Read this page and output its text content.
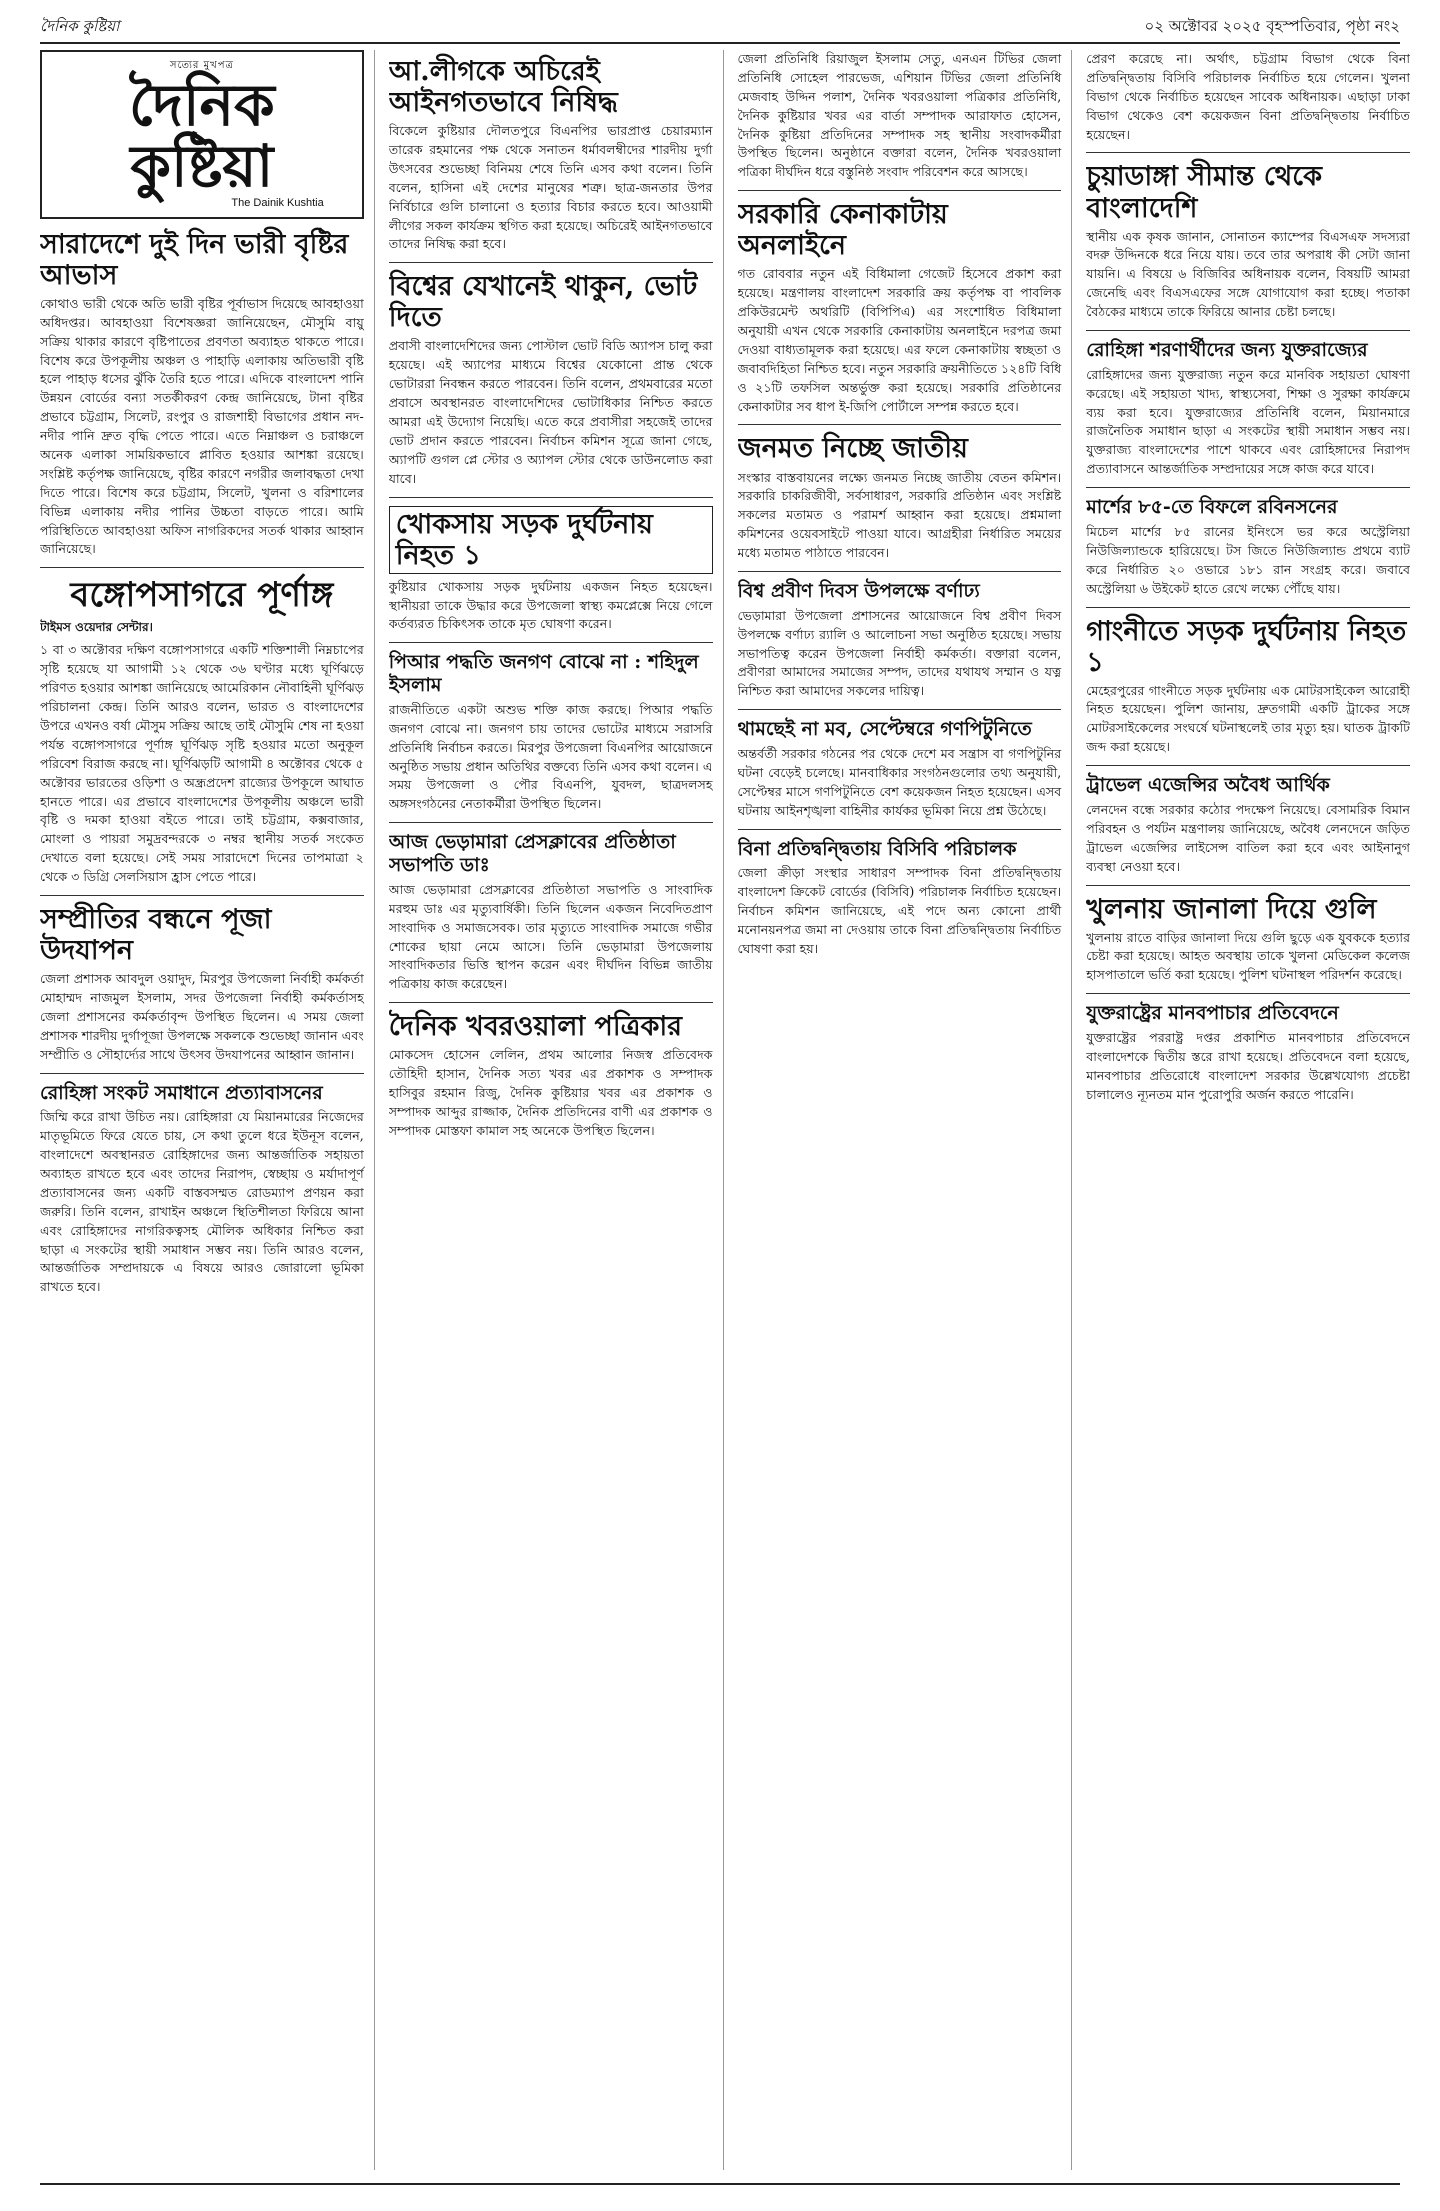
দৈনিক কুষ্টিয়া	০২ অক্টোবর ২০২৫ বৃহস্পতিবার, পৃষ্ঠা নং২
সত্যের মুখপত্র
দৈনিক কুষ্টিয়া
The Dainik Kushtia
সারাদেশে দুই দিন ভারী বৃষ্টির আভাস

কোথাও ভারী থেকে অতি ভারী বৃষ্টির পূর্বাভাস দিয়েছে আবহাওয়া অধিদপ্তর। আবহাওয়া বিশেষজ্ঞরা জানিয়েছেন, মৌসুমি বায়ু সক্রিয় থাকার কারণে বৃষ্টিপাতের প্রবণতা অব্যাহত থাকতে পারে। বিশেষ করে উপকূলীয় অঞ্চল ও পাহাড়ি এলাকায় অতিভারী বৃষ্টি হলে পাহাড় ধসের ঝুঁকি তৈরি হতে পারে। এদিকে বাংলাদেশ পানি উন্নয়ন বোর্ডের বন্যা সতর্কীকরণ কেন্দ্র জানিয়েছে, টানা বৃষ্টির প্রভাবে চট্টগ্রাম, সিলেট, রংপুর ও রাজশাহী বিভাগের প্রধান নদ-নদীর পানি দ্রুত বৃদ্ধি পেতে পারে। এতে নিম্নাঞ্চল ও চরাঞ্চলে অনেক এলাকা সাময়িকভাবে প্লাবিত হওয়ার আশঙ্কা রয়েছে। সংশ্লিষ্ট কর্তৃপক্ষ জানিয়েছে, বৃষ্টির কারণে নগরীর জলাবদ্ধতা দেখা দিতে পারে। বিশেষ করে চট্টগ্রাম, সিলেট, খুলনা ও বরিশালের বিভিন্ন এলাকায় নদীর পানির উচ্চতা বাড়তে পারে। আমি পরিস্থিতিতে আবহাওয়া অফিস নাগরিকদের সতর্ক থাকার আহ্বান জানিয়েছে।

বঙ্গোপসাগরে পূর্ণাঙ্গ
টাইমস ওয়েদার সেন্টার।

১ বা ৩ অক্টোবর দক্ষিণ বঙ্গোপসাগরে একটি শক্তিশালী নিম্নচাপের সৃষ্টি হয়েছে যা আগামী ১২ থেকে ৩৬ ঘণ্টার মধ্যে ঘূর্ণিঝড়ে পরিণত হওয়ার আশঙ্কা জানিয়েছে আমেরিকান নৌবাহিনী ঘূর্ণিঝড় পরিচালনা কেন্দ্র। তিনি আরও বলেন, ভারত ও বাংলাদেশের উপরে এখনও বর্ষা মৌসুম সক্রিয় আছে তাই মৌসুমি শেষ না হওয়া পর্যন্ত বঙ্গোপসাগরে পূর্ণাঙ্গ ঘূর্ণিঝড় সৃষ্টি হওয়ার মতো অনুকূল পরিবেশ বিরাজ করছে না। ঘূর্ণিঝড়টি আগামী ৪ অক্টোবর থেকে ৫ অক্টোবর ভারতের ওড়িশা ও অন্ধ্রপ্রদেশ রাজ্যের উপকূলে আঘাত হানতে পারে। এর প্রভাবে বাংলাদেশের উপকূলীয় অঞ্চলে ভারী বৃষ্টি ও দমকা হাওয়া বইতে পারে। তাই চট্টগ্রাম, কক্সবাজার, মোংলা ও পায়রা সমুদ্রবন্দরকে ৩ নম্বর স্থানীয় সতর্ক সংকেত দেখাতে বলা হয়েছে। সেই সময় সারাদেশে দিনের তাপমাত্রা ২ থেকে ৩ ডিগ্রি সেলসিয়াস হ্রাস পেতে পারে।

সম্প্রীতির বন্ধনে পূজা উদযাপন

জেলা প্রশাসক আবদুল ওয়াদুদ, মিরপুর উপজেলা নির্বাহী কর্মকর্তা মোহাম্মদ নাজমুল ইসলাম, সদর উপজেলা নির্বাহী কর্মকর্তাসহ জেলা প্রশাসনের কর্মকর্তাবৃন্দ উপস্থিত ছিলেন। এ সময় জেলা প্রশাসক শারদীয় দুর্গাপূজা উপলক্ষে সকলকে শুভেচ্ছা জানান এবং সম্প্রীতি ও সৌহার্দ্যের সাথে উৎসব উদযাপনের আহ্বান জানান।

রোহিঙ্গা সংকট সমাধানে প্রত্যাবাসনের

জিম্মি করে রাখা উচিত নয়। রোহিঙ্গারা যে মিয়ানমারের নিজেদের মাতৃভূমিতে ফিরে যেতে চায়, সে কথা তুলে ধরে ইউনূস বলেন, বাংলাদেশে অবস্থানরত রোহিঙ্গাদের জন্য আন্তর্জাতিক সহায়তা অব্যাহত রাখতে হবে এবং তাদের নিরাপদ, স্বেচ্ছায় ও মর্যাদাপূর্ণ প্রত্যাবাসনের জন্য একটি বাস্তবসম্মত রোডম্যাপ প্রণয়ন করা জরুরি। তিনি বলেন, রাখাইন অঞ্চলে স্থিতিশীলতা ফিরিয়ে আনা এবং রোহিঙ্গাদের নাগরিকত্বসহ মৌলিক অধিকার নিশ্চিত করা ছাড়া এ সংকটের স্থায়ী সমাধান সম্ভব নয়। তিনি আরও বলেন, আন্তর্জাতিক সম্প্রদায়কে এ বিষয়ে আরও জোরালো ভূমিকা রাখতে হবে।

আ.লীগকে অচিরেই আইনগতভাবে নিষিদ্ধ

বিকেলে কুষ্টিয়ার দৌলতপুরে বিএনপির ভারপ্রাপ্ত চেয়ারম্যান তারেক রহমানের পক্ষ থেকে সনাতন ধর্মাবলম্বীদের শারদীয় দুর্গা উৎসবের শুভেচ্ছা বিনিময় শেষে তিনি এসব কথা বলেন। তিনি বলেন, হাসিনা এই দেশের মানুষের শত্রু। ছাত্র-জনতার উপর নির্বিচারে গুলি চালানো ও হত্যার বিচার করতে হবে। আওয়ামী লীগের সকল কার্যক্রম স্থগিত করা হয়েছে। অচিরেই আইনগতভাবে তাদের নিষিদ্ধ করা হবে।

বিশ্বের যেখানেই থাকুন, ভোট দিতে

প্রবাসী বাংলাদেশিদের জন্য পোস্টাল ভোট বিডি অ্যাপস চালু করা হয়েছে। এই অ্যাপের মাধ্যমে বিশ্বের যেকোনো প্রান্ত থেকে ভোটাররা নিবন্ধন করতে পারবেন। তিনি বলেন, প্রথমবারের মতো প্রবাসে অবস্থানরত বাংলাদেশিদের ভোটাধিকার নিশ্চিত করতে আমরা এই উদ্যোগ নিয়েছি। এতে করে প্রবাসীরা সহজেই তাদের ভোট প্রদান করতে পারবেন। নির্বাচন কমিশন সূত্রে জানা গেছে, অ্যাপটি গুগল প্লে স্টোর ও অ্যাপল স্টোর থেকে ডাউনলোড করা যাবে।

খোকসায় সড়ক দুর্ঘটনায় নিহত ১

কুষ্টিয়ার খোকসায় সড়ক দুর্ঘটনায় একজন নিহত হয়েছেন। স্থানীয়রা তাকে উদ্ধার করে উপজেলা স্বাস্থ্য কমপ্লেক্সে নিয়ে গেলে কর্তব্যরত চিকিৎসক তাকে মৃত ঘোষণা করেন।

পিআর পদ্ধতি জনগণ বোঝে না : শহিদুল ইসলাম

রাজনীতিতে একটা অশুভ শক্তি কাজ করছে। পিআর পদ্ধতি জনগণ বোঝে না। জনগণ চায় তাদের ভোটের মাধ্যমে সরাসরি প্রতিনিধি নির্বাচন করতে। মিরপুর উপজেলা বিএনপির আয়োজনে অনুষ্ঠিত সভায় প্রধান অতিথির বক্তব্যে তিনি এসব কথা বলেন। এ সময় উপজেলা ও পৌর বিএনপি, যুবদল, ছাত্রদলসহ অঙ্গসংগঠনের নেতাকর্মীরা উপস্থিত ছিলেন।

আজ ভেড়ামারা প্রেসক্লাবের প্রতিষ্ঠাতা সভাপতি ডাঃ

আজ ভেড়ামারা প্রেসক্লাবের প্রতিষ্ঠাতা সভাপতি ও সাংবাদিক মরহুম ডাঃ এর মৃত্যুবার্ষিকী। তিনি ছিলেন একজন নিবেদিতপ্রাণ সাংবাদিক ও সমাজসেবক। তার মৃত্যুতে সাংবাদিক সমাজে গভীর শোকের ছায়া নেমে আসে। তিনি ভেড়ামারা উপজেলায় সাংবাদিকতার ভিত্তি স্থাপন করেন এবং দীর্ঘদিন বিভিন্ন জাতীয় পত্রিকায় কাজ করেছেন।

দৈনিক খবরওয়ালা পত্রিকার

মোকসেদ হোসেন লেলিন, প্রথম আলোর নিজস্ব প্রতিবেদক তৌহিদী হাসান, দৈনিক সত্য খবর এর প্রকাশক ও সম্পাদক হাসিবুর রহমান রিজু, দৈনিক কুষ্টিয়ার খবর এর প্রকাশক ও সম্পাদক আব্দুর রাজ্জাক, দৈনিক প্রতিদিনের বাণী এর প্রকাশক ও সম্পাদক মোস্তফা কামাল সহ অনেকে উপস্থিত ছিলেন।

জেলা প্রতিনিধি রিয়াজুল ইসলাম সেতু, এনএন টিভির জেলা প্রতিনিধি সোহেল পারভেজ, এশিয়ান টিভির জেলা প্রতিনিধি মেজবাহ উদ্দিন পলাশ, দৈনিক খবরওয়ালা পত্রিকার প্রতিনিধি, দৈনিক কুষ্টিয়ার খবর এর বার্তা সম্পাদক আরাফাত হোসেন, দৈনিক কুষ্টিয়া প্রতিদিনের সম্পাদক সহ স্থানীয় সংবাদকর্মীরা উপস্থিত ছিলেন। অনুষ্ঠানে বক্তারা বলেন, দৈনিক খবরওয়ালা পত্রিকা দীর্ঘদিন ধরে বস্তুনিষ্ঠ সংবাদ পরিবেশন করে আসছে।

সরকারি কেনাকাটায় অনলাইনে

গত রোববার নতুন এই বিধিমালা গেজেট হিসেবে প্রকাশ করা হয়েছে। মন্ত্রণালয় বাংলাদেশ সরকারি ক্রয় কর্তৃপক্ষ বা পাবলিক প্রকিউরমেন্ট অথরিটি (বিপিপিএ) এর সংশোধিত বিধিমালা অনুযায়ী এখন থেকে সরকারি কেনাকাটায় অনলাইনে দরপত্র জমা দেওয়া বাধ্যতামূলক করা হয়েছে। এর ফলে কেনাকাটায় স্বচ্ছতা ও জবাবদিহিতা নিশ্চিত হবে। নতুন সরকারি ক্রয়নীতিতে ১২৪টি বিধি ও ২১টি তফসিল অন্তর্ভুক্ত করা হয়েছে। সরকারি প্রতিষ্ঠানের কেনাকাটার সব ধাপ ই-জিপি পোর্টালে সম্পন্ন করতে হবে।

জনমত নিচ্ছে জাতীয়

সংস্কার বাস্তবায়নের লক্ষ্যে জনমত নিচ্ছে জাতীয় বেতন কমিশন। সরকারি চাকরিজীবী, সর্বসাধারণ, সরকারি প্রতিষ্ঠান এবং সংশ্লিষ্ট সকলের মতামত ও পরামর্শ আহ্বান করা হয়েছে। প্রশ্নমালা কমিশনের ওয়েবসাইটে পাওয়া যাবে। আগ্রহীরা নির্ধারিত সময়ের মধ্যে মতামত পাঠাতে পারবেন।

বিশ্ব প্রবীণ দিবস উপলক্ষে বর্ণাঢ্য

ভেড়ামারা উপজেলা প্রশাসনের আয়োজনে বিশ্ব প্রবীণ দিবস উপলক্ষে বর্ণাঢ্য র‍্যালি ও আলোচনা সভা অনুষ্ঠিত হয়েছে। সভায় সভাপতিত্ব করেন উপজেলা নির্বাহী কর্মকর্তা। বক্তারা বলেন, প্রবীণরা আমাদের সমাজের সম্পদ, তাদের যথাযথ সম্মান ও যত্ন নিশ্চিত করা আমাদের সকলের দায়িত্ব।

থামছেই না মব, সেপ্টেম্বরে গণপিটুনিতে

অন্তর্বর্তী সরকার গঠনের পর থেকে দেশে মব সন্ত্রাস বা গণপিটুনির ঘটনা বেড়েই চলেছে। মানবাধিকার সংগঠনগুলোর তথ্য অনুযায়ী, সেপ্টেম্বর মাসে গণপিটুনিতে বেশ কয়েকজন নিহত হয়েছেন। এসব ঘটনায় আইনশৃঙ্খলা বাহিনীর কার্যকর ভূমিকা নিয়ে প্রশ্ন উঠেছে।

বিনা প্রতিদ্বন্দ্বিতায় বিসিবি পরিচালক

জেলা ক্রীড়া সংস্থার সাধারণ সম্পাদক বিনা প্রতিদ্বন্দ্বিতায় বাংলাদেশ ক্রিকেট বোর্ডের (বিসিবি) পরিচালক নির্বাচিত হয়েছেন। নির্বাচন কমিশন জানিয়েছে, এই পদে অন্য কোনো প্রার্থী মনোনয়নপত্র জমা না দেওয়ায় তাকে বিনা প্রতিদ্বন্দ্বিতায় নির্বাচিত ঘোষণা করা হয়।

প্রেরণ করেছে না। অর্থাৎ, চট্টগ্রাম বিভাগ থেকে বিনা প্রতিদ্বন্দ্বিতায় বিসিবি পরিচালক নির্বাচিত হয়ে গেলেন। খুলনা বিভাগ থেকে নির্বাচিত হয়েছেন সাবেক অধিনায়ক। এছাড়া ঢাকা বিভাগ থেকেও বেশ কয়েকজন বিনা প্রতিদ্বন্দ্বিতায় নির্বাচিত হয়েছেন।

চুয়াডাঙ্গা সীমান্ত থেকে বাংলাদেশি

স্থানীয় এক কৃষক জানান, সোনাতন ক্যাম্পের বিএসএফ সদস্যরা বদরু উদ্দিনকে ধরে নিয়ে যায়। তবে তার অপরাধ কী সেটা জানা যায়নি। এ বিষয়ে ৬ বিজিবির অধিনায়ক বলেন, বিষয়টি আমরা জেনেছি এবং বিএসএফের সঙ্গে যোগাযোগ করা হচ্ছে। পতাকা বৈঠকের মাধ্যমে তাকে ফিরিয়ে আনার চেষ্টা চলছে।

রোহিঙ্গা শরণার্থীদের জন্য যুক্তরাজ্যের

রোহিঙ্গাদের জন্য যুক্তরাজ্য নতুন করে মানবিক সহায়তা ঘোষণা করেছে। এই সহায়তা খাদ্য, স্বাস্থ্যসেবা, শিক্ষা ও সুরক্ষা কার্যক্রমে ব্যয় করা হবে। যুক্তরাজ্যের প্রতিনিধি বলেন, মিয়ানমারে রাজনৈতিক সমাধান ছাড়া এ সংকটের স্থায়ী সমাধান সম্ভব নয়। যুক্তরাজ্য বাংলাদেশের পাশে থাকবে এবং রোহিঙ্গাদের নিরাপদ প্রত্যাবাসনে আন্তর্জাতিক সম্প্রদায়ের সঙ্গে কাজ করে যাবে।

মার্শের ৮৫-তে বিফলে রবিনসনের

মিচেল মার্শের ৮৫ রানের ইনিংসে ভর করে অস্ট্রেলিয়া নিউজিল্যান্ডকে হারিয়েছে। টস জিতে নিউজিল্যান্ড প্রথমে ব্যাট করে নির্ধারিত ২০ ওভারে ১৮১ রান সংগ্রহ করে। জবাবে অস্ট্রেলিয়া ৬ উইকেট হাতে রেখে লক্ষ্যে পৌঁছে যায়।

গাংনীতে সড়ক দুর্ঘটনায় নিহত ১

মেহেরপুরের গাংনীতে সড়ক দুর্ঘটনায় এক মোটরসাইকেল আরোহী নিহত হয়েছেন। পুলিশ জানায়, দ্রুতগামী একটি ট্রাকের সঙ্গে মোটরসাইকেলের সংঘর্ষে ঘটনাস্থলেই তার মৃত্যু হয়। ঘাতক ট্রাকটি জব্দ করা হয়েছে।

ট্রাভেল এজেন্সির অবৈধ আর্থিক

লেনদেন বন্ধে সরকার কঠোর পদক্ষেপ নিয়েছে। বেসামরিক বিমান পরিবহন ও পর্যটন মন্ত্রণালয় জানিয়েছে, অবৈধ লেনদেনে জড়িত ট্রাভেল এজেন্সির লাইসেন্স বাতিল করা হবে এবং আইনানুগ ব্যবস্থা নেওয়া হবে।

খুলনায় জানালা দিয়ে গুলি

খুলনায় রাতে বাড়ির জানালা দিয়ে গুলি ছুড়ে এক যুবককে হত্যার চেষ্টা করা হয়েছে। আহত অবস্থায় তাকে খুলনা মেডিকেল কলেজ হাসপাতালে ভর্তি করা হয়েছে। পুলিশ ঘটনাস্থল পরিদর্শন করেছে।

যুক্তরাষ্ট্রের মানবপাচার প্রতিবেদনে

যুক্তরাষ্ট্রের পররাষ্ট্র দপ্তর প্রকাশিত মানবপাচার প্রতিবেদনে বাংলাদেশকে দ্বিতীয় স্তরে রাখা হয়েছে। প্রতিবেদনে বলা হয়েছে, মানবপাচার প্রতিরোধে বাংলাদেশ সরকার উল্লেখযোগ্য প্রচেষ্টা চালালেও ন্যূনতম মান পুরোপুরি অর্জন করতে পারেনি।
